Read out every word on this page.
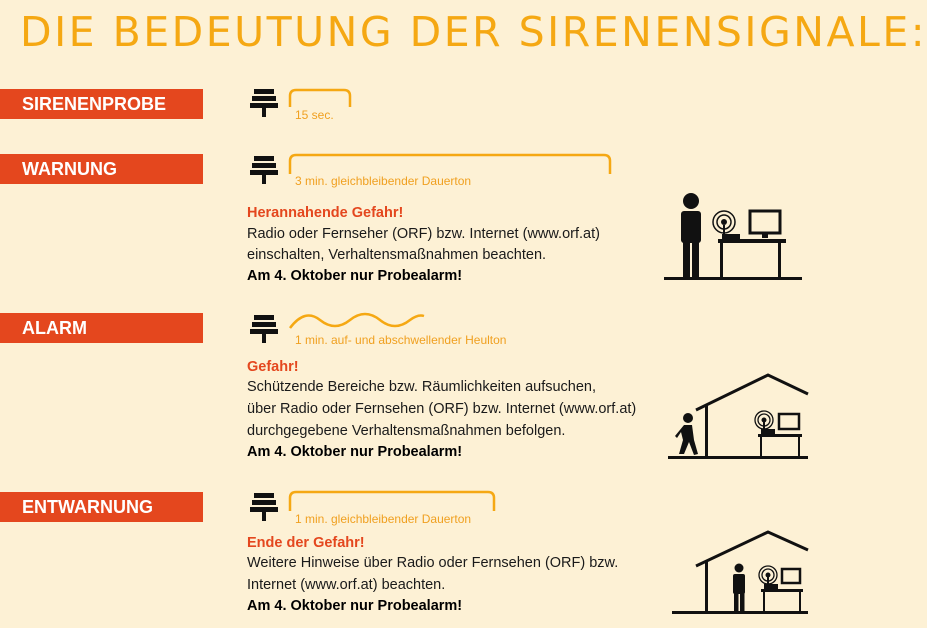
DIE BEDEUTUNG DER SIRENENSIGNALE:
SIRENENPROBE
15 sec.
WARNUNG
3 min. gleichbleibender Dauerton
Herannahende Gefahr!
Radio oder Fernseher (ORF) bzw. Internet (www.orf.at)
einschalten, Verhaltensmaßnahmen beachten.
Am 4. Oktober nur Probealarm!
ALARM
1 min. auf- und abschwellender Heulton
Gefahr!
Schützende Bereiche bzw. Räumlichkeiten aufsuchen,
über Radio oder Fernsehen (ORF) bzw. Internet (www.orf.at)
durchgegebene Verhaltensmaßnahmen befolgen.
Am 4. Oktober nur Probealarm!
ENTWARNUNG
1 min. gleichbleibender Dauerton
Ende der Gefahr!
Weitere Hinweise über Radio oder Fernsehen (ORF) bzw.
Internet (www.orf.at) beachten.
Am 4. Oktober nur Probealarm!
